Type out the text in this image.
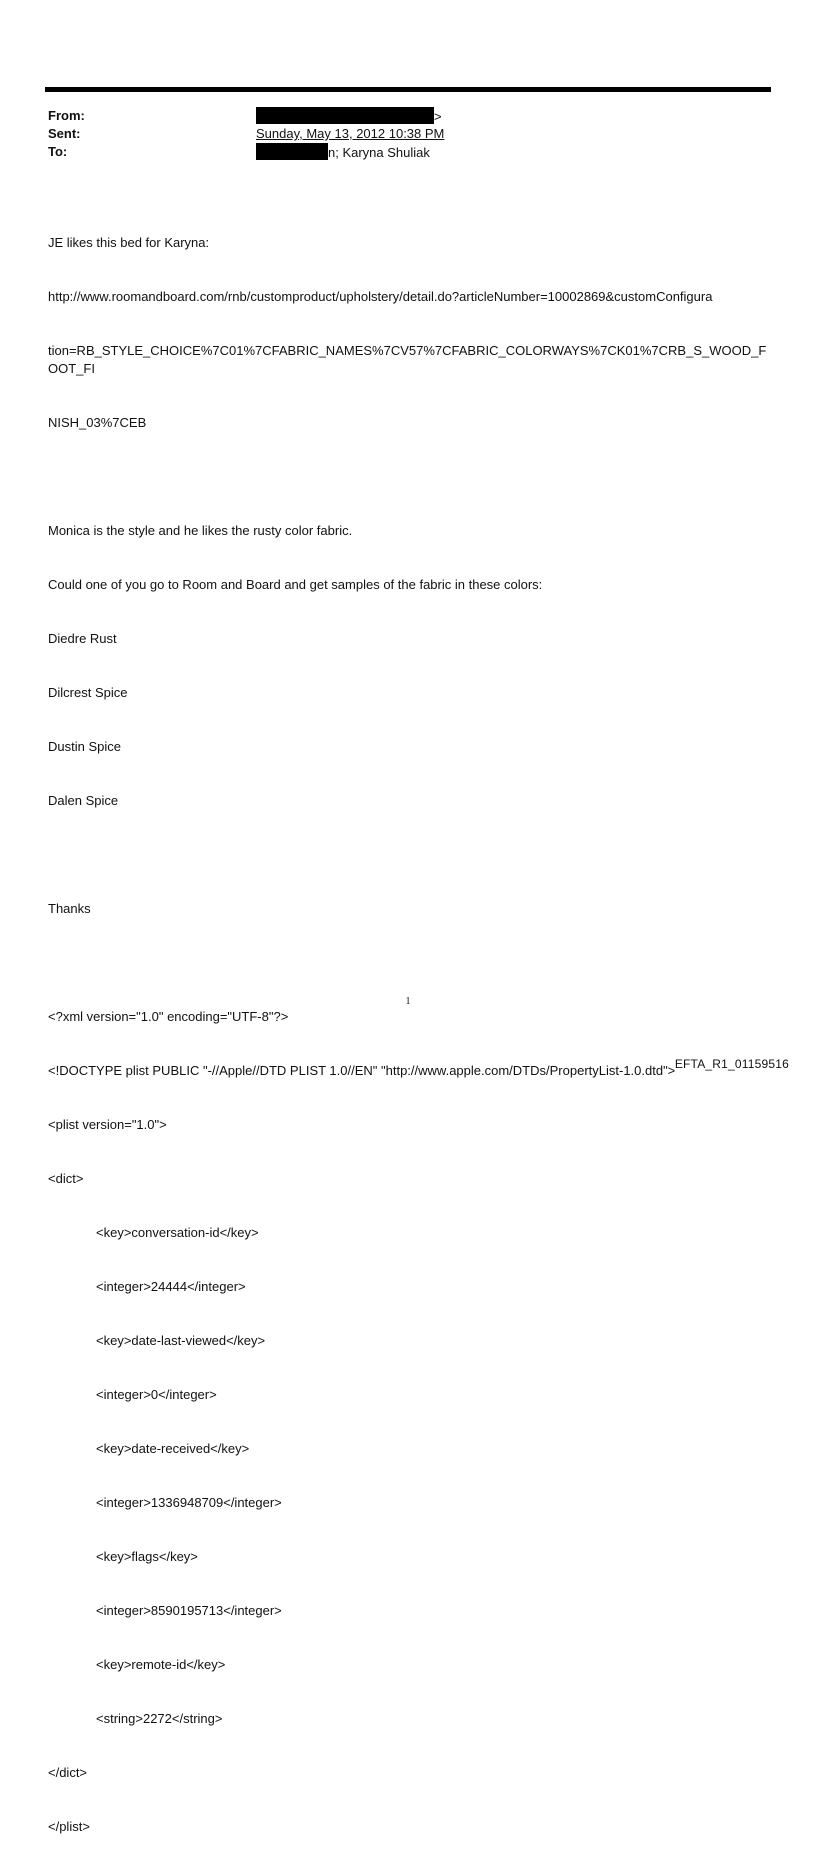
From:
Sent:
To:
>
Sunday, May 13, 2012 10:38 PM
n; Karyna Shuliak

JE likes this bed for Karyna:

http://www.roomandboard.com/rnb/customproduct/upholstery/detail.do?articleNumber=10002869&customConfigura

tion=RB_STYLE_CHOICE%7C01%7CFABRIC_NAMES%7CV57%7CFABRIC_COLORWAYS%7CK01%7CRB_S_WOOD_FOOT_FI

NISH_03%7CEB

Monica is the style and he likes the rusty color fabric.

Could one of you go to Room and Board and get samples of the fabric in these colors:

Diedre Rust

Dilcrest Spice

Dustin Spice

Dalen Spice

Thanks

<?xml version="1.0" encoding="UTF-8"?>

<!DOCTYPE plist PUBLIC "-//Apple//DTD PLIST 1.0//EN" "http://www.apple.com/DTDs/PropertyList-1.0.dtd">

<plist version="1.0">

<dict>

<key>conversation-id</key>

<integer>24444</integer>

<key>date-last-viewed</key>

<integer>0</integer>

<key>date-received</key>

<integer>1336948709</integer>

<key>flags</key>

<integer>8590195713</integer>

<key>remote-id</key>

<string>2272</string>

</dict>

</plist>

1
EFTA_R1_01159516
